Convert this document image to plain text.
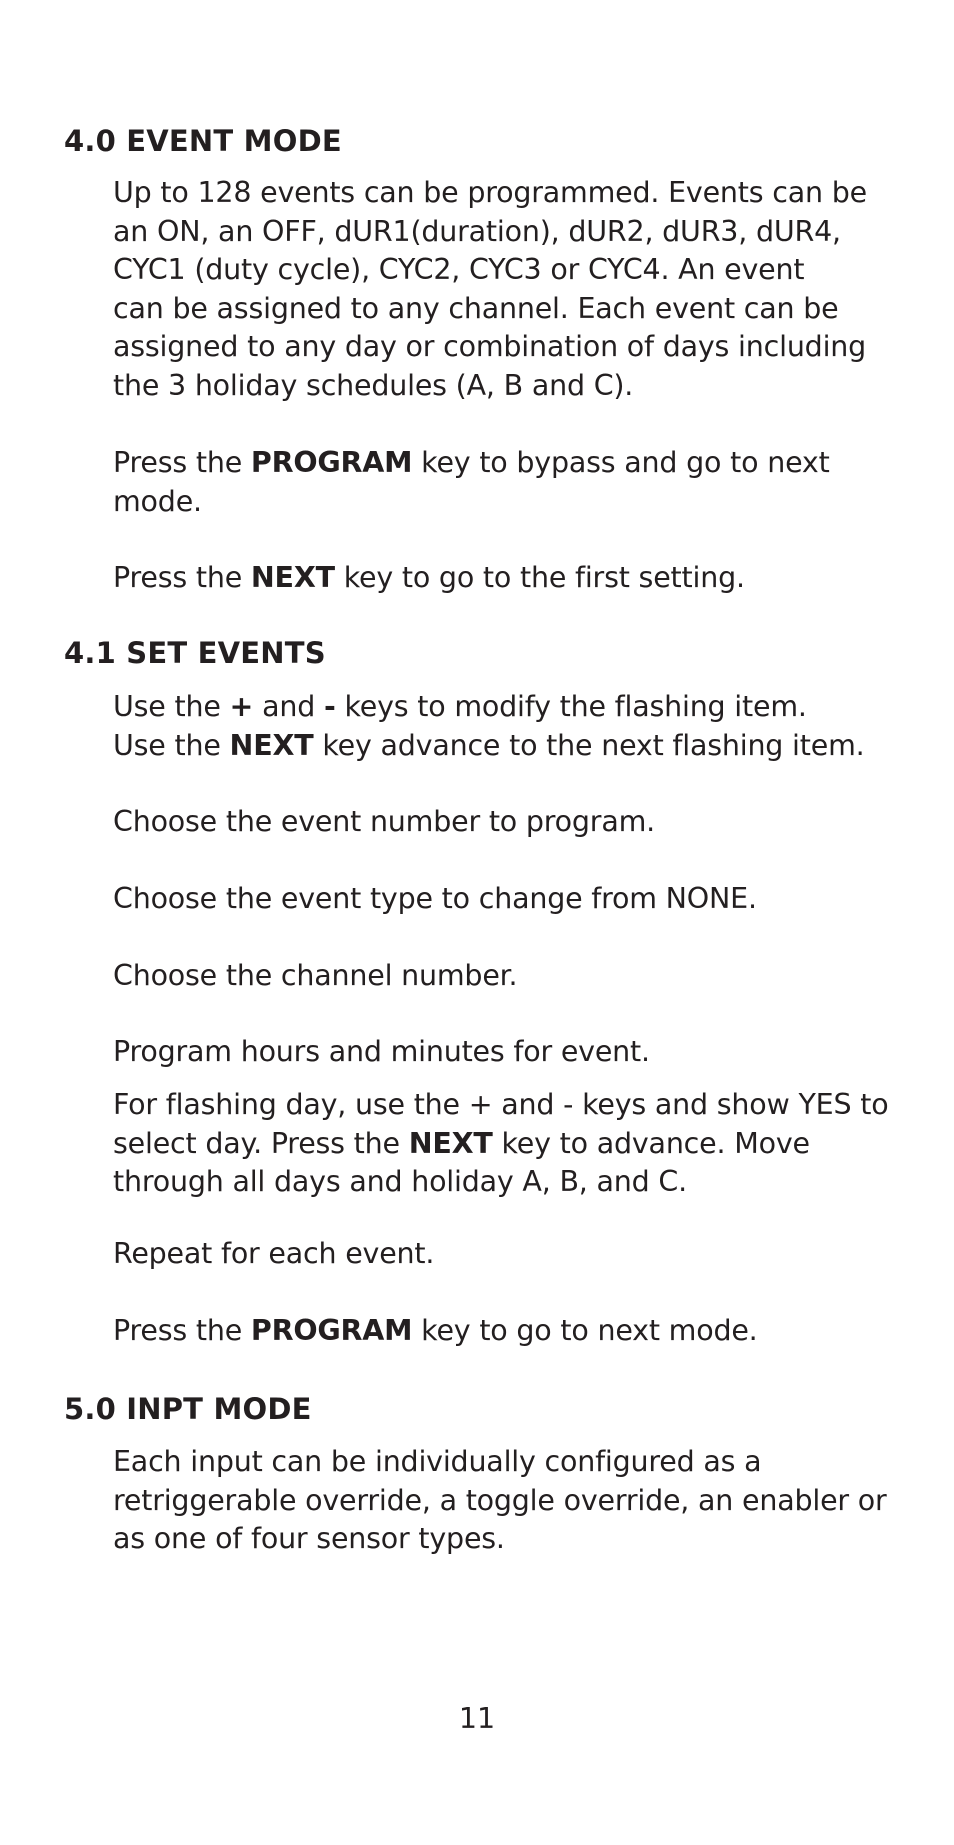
4.0 EVENT MODE
Up to 128 events can be programmed. Events can be
an ON, an OFF, dUR1(duration), dUR2, dUR3, dUR4,
CYC1 (duty cycle), CYC2, CYC3 or CYC4. An event
can be assigned to any channel. Each event can be
assigned to any day or combination of days including
the 3 holiday schedules (A, B and C).
Press the PROGRAM key to bypass and go to next
mode.
Press the NEXT key to go to the first setting.
4.1 SET EVENTS
Use the + and - keys to modify the flashing item.
Use the NEXT key advance to the next flashing item.
Choose the event number to program.
Choose the event type to change from NONE.
Choose the channel number.
Program hours and minutes for event.
For flashing day, use the + and - keys and show YES to
select day. Press the NEXT key to advance. Move
through all days and holiday A, B, and C.
Repeat for each event.
Press the PROGRAM key to go to next mode.
5.0 INPT MODE
Each input can be individually configured as a
retriggerable override, a toggle override, an enabler or
as one of four sensor types.

11
